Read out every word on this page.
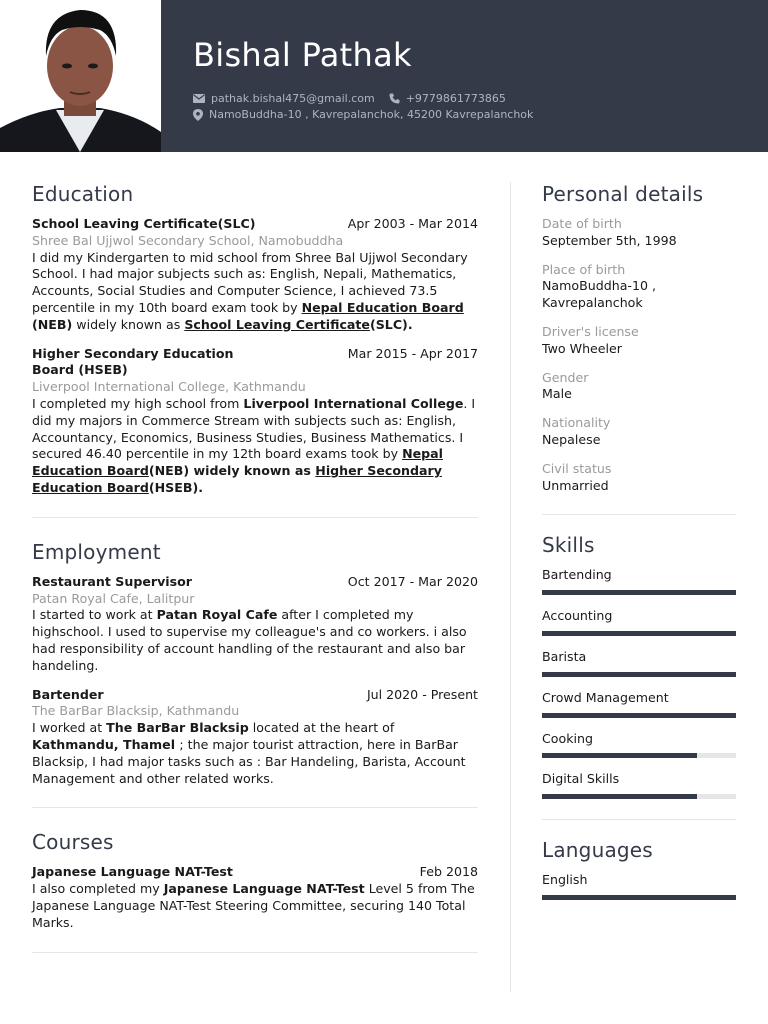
Bishal Pathak
pathak.bishal475@gmail.com	+9779861773865
NamoBuddha-10 , Kavrepalanchok, 45200 Kavrepalanchok
Education
School Leaving Certificate(SLC)	Apr 2003 - Mar 2014
Shree Bal Ujjwol Secondary School, Namobuddha
I did my Kindergarten to mid school from Shree Bal Ujjwol Secondary School. I had major subjects such as: English, Nepali, Mathematics, Accounts, Social Studies and Computer Science, I achieved 73.5 percentile in my 10th board exam took by Nepal Education Board (NEB) widely known as School Leaving Certificate(SLC).
Higher Secondary Education Board (HSEB)
Mar 2015 - Apr 2017
Liverpool International College, Kathmandu
I completed my high school from Liverpool International College. I did my majors in Commerce Stream with subjects such as: English, Accountancy, Economics, Business Studies, Business Mathematics. I secured 46.40 percentile in my 12th board exams took by Nepal Education Board(NEB) widely known as Higher Secondary Education Board(HSEB).
Employment
Restaurant Supervisor	Oct 2017 - Mar 2020
Patan Royal Cafe, Lalitpur
I started to work at Patan Royal Cafe after I completed my highschool. I used to supervise my colleague's and co workers. i also had responsibility of account handling of the restaurant and also bar handeling.
Bartender	Jul 2020 - Present
The BarBar Blacksip, Kathmandu
I worked at The BarBar Blacksip located at the heart of Kathmandu, Thamel ; the major tourist attraction, here in BarBar Blacksip, I had major tasks such as : Bar Handeling, Barista, Account Management and other related works.
Courses
Japanese Language NAT-Test	Feb 2018
I also completed my Japanese Language NAT-Test Level 5 from The Japanese Language NAT-Test Steering Committee, securing 140 Total Marks.
Personal details
Date of birth
September 5th, 1998
Place of birth
NamoBuddha-10 , Kavrepalanchok
Driver's license
Two Wheeler
Gender
Male
Nationality
Nepalese
Civil status
Unmarried
Skills
Bartending
Accounting
Barista
Crowd Management
Cooking
Digital Skills
Languages
English
